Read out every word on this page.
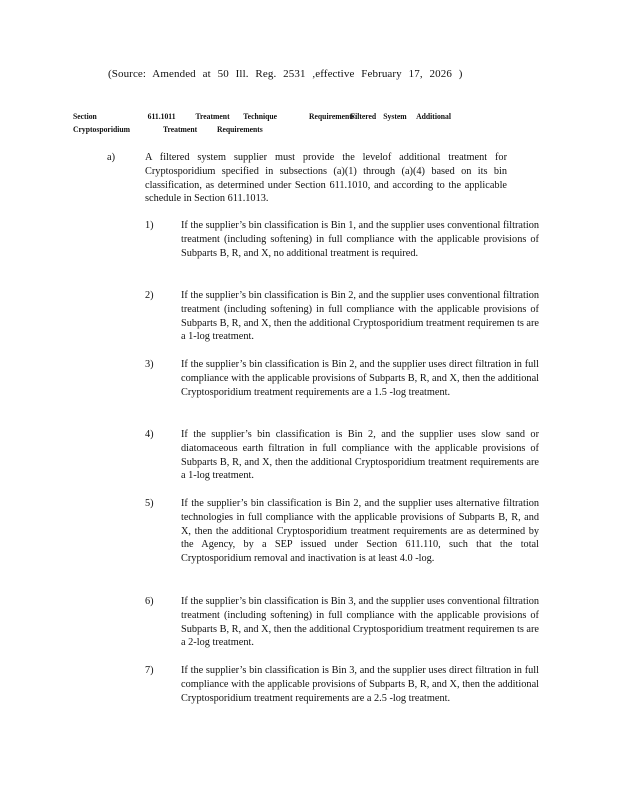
(Source: Amended at 50 Ill. Reg. 2531 ,effective February 17, 2026 )
Section	611.1011	Treatment	Technique	Requirements:
Filtered System	Additional
Cryptosporidium	Treatment	Requirements
a)	A filtered system supplier must provide the levelof additional treatment for Cryptosporidium specified in subsections (a)(1) through (a)(4) based on its bin classification, as determined under Section 611.1010, and according to the applicable schedule in Section 611.1013.
1)	If the supplier’s bin classification is Bin 1, and the supplier uses conventional filtration treatment (including softening) in full compliance with the applicable provisions of Subparts B, R, and X, no additional treatment is required.
2)	If the supplier’s bin classification is Bin 2, and the supplier uses conventional filtration treatment (including softening) in full compliance with the applicable provisions of Subparts B, R, and X, then the additional Cryptosporidium treatment requiremen ts are a 1-log treatment.
3)	If the supplier’s bin classification is Bin 2, and the supplier uses direct filtration in full compliance with the applicable provisions of Subparts B, R, and X, then the additional Cryptosporidium treatment requirements are a 1.5 -log treatment.
4)	If the supplier’s bin classification is Bin 2, and the supplier uses slow sand or diatomaceous earth filtration in full compliance with the applicable provisions of Subparts B, R, and X, then the additional Cryptosporidium treatment requirements are a 1-log treatment.
5)	If the supplier’s bin classification is Bin 2, and the supplier uses alternative filtration technologies in full compliance with the applicable provisions of Subparts B, R, and X, then the additional Cryptosporidium treatment requirements are as determined by the Agency, by a SEP issued under Section 611.110, such that the total Cryptosporidium removal and inactivation is at least 4.0 -log.
6)	If the supplier’s bin classification is Bin 3, and the supplier uses conventional filtration treatment (including softening) in full compliance with the applicable provisions of Subparts B, R, and X, then the additional Cryptosporidium treatment requiremen ts are a 2-log treatment.
7)	If the supplier’s bin classification is Bin 3, and the supplier uses direct filtration in full compliance with the applicable provisions of Subparts B, R, and X, then the additional Cryptosporidium treatment requirements are a 2.5 -log treatment.
